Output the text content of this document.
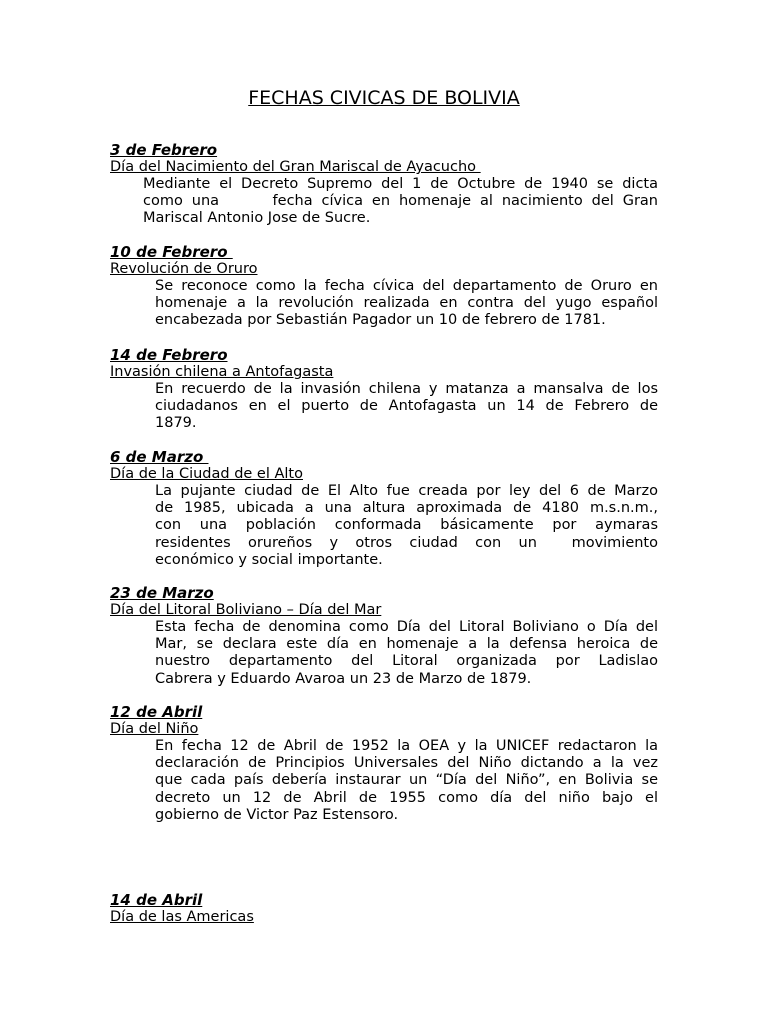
FECHAS CIVICAS DE BOLIVIA
3 de Febrero
Día del Nacimiento del Gran Mariscal de Ayacucho
Mediante el Decreto Supremo del 1 de Octubre de 1940 se dicta
como una      fecha cívica en homenaje al nacimiento del Gran
Mariscal Antonio Jose de Sucre.
10 de Febrero
Revolución de Oruro
Se reconoce como la fecha cívica del departamento de Oruro en
homenaje a la revolución realizada en contra del yugo español
encabezada por Sebastián Pagador un 10 de febrero de 1781.
14 de Febrero
Invasión chilena a Antofagasta
En recuerdo de la invasión chilena y matanza a mansalva de los
ciudadanos en el puerto de Antofagasta un 14 de Febrero de
1879.
6 de Marzo
Día de la Ciudad de el Alto
La pujante ciudad de El Alto fue creada por ley del 6 de Marzo
de 1985, ubicada a una altura aproximada de 4180 m.s.n.m.,
con una población conformada básicamente por aymaras
residentes orureños y otros ciudad con un  movimiento
económico y social importante.
23 de Marzo
Día del Litoral Boliviano – Día del Mar
Esta fecha de denomina como Día del Litoral Boliviano o Día del
Mar, se declara este día en homenaje a la defensa heroica de
nuestro departamento del Litoral organizada por Ladislao
Cabrera y Eduardo Avaroa un 23 de Marzo de 1879.
12 de Abril
Día del Niño
En fecha 12 de Abril de 1952 la OEA y la UNICEF redactaron la
declaración de Principios Universales del Niño dictando a la vez
que cada país debería instaurar un “Día del Niño”, en Bolivia se
decreto un 12 de Abril de 1955 como día del niño bajo el
gobierno de Victor Paz Estensoro.
14 de Abril
Día de las Americas
